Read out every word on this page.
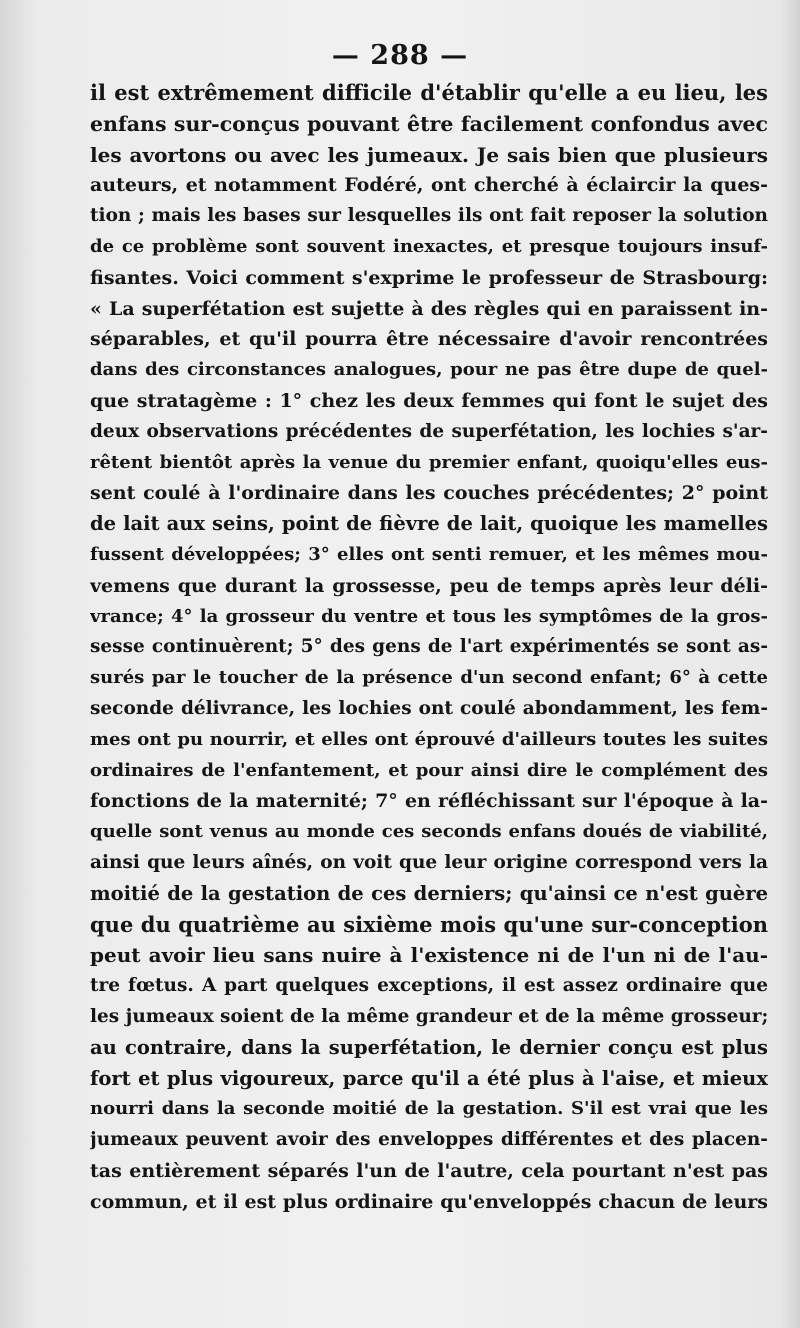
— 288 —
il est extrêmement difficile d'établir qu'elle a eu lieu, les
enfans sur-conçus pouvant être facilement confondus avec
les avortons ou avec les jumeaux. Je sais bien que plusieurs
auteurs, et notamment Fodéré, ont cherché à éclaircir la ques-
tion ; mais les bases sur lesquelles ils ont fait reposer la solution
de ce problème sont souvent inexactes, et presque toujours insuf-
fisantes. Voici comment s'exprime le professeur de Strasbourg:
« La superfétation est sujette à des règles qui en paraissent in-
séparables, et qu'il pourra être nécessaire d'avoir rencontrées
dans des circonstances analogues, pour ne pas être dupe de quel-
que stratagème : 1° chez les deux femmes qui font le sujet des
deux observations précédentes de superfétation, les lochies s'ar-
rêtent bientôt après la venue du premier enfant, quoiqu'elles eus-
sent coulé à l'ordinaire dans les couches précédentes; 2° point
de lait aux seins, point de fièvre de lait, quoique les mamelles
fussent développées; 3° elles ont senti remuer, et les mêmes mou-
vemens que durant la grossesse, peu de temps après leur déli-
vrance; 4° la grosseur du ventre et tous les symptômes de la gros-
sesse continuèrent; 5° des gens de l'art expérimentés se sont as-
surés par le toucher de la présence d'un second enfant; 6° à cette
seconde délivrance, les lochies ont coulé abondamment, les fem-
mes ont pu nourrir, et elles ont éprouvé d'ailleurs toutes les suites
ordinaires de l'enfantement, et pour ainsi dire le complément des
fonctions de la maternité; 7° en réfléchissant sur l'époque à la-
quelle sont venus au monde ces seconds enfans doués de viabilité,
ainsi que leurs aînés, on voit que leur origine correspond vers la
moitié de la gestation de ces derniers; qu'ainsi ce n'est guère
que du quatrième au sixième mois qu'une sur-conception
peut avoir lieu sans nuire à l'existence ni de l'un ni de l'au-
tre fœtus. A part quelques exceptions, il est assez ordinaire que
les jumeaux soient de la même grandeur et de la même grosseur;
au contraire, dans la superfétation, le dernier conçu est plus
fort et plus vigoureux, parce qu'il a été plus à l'aise, et mieux
nourri dans la seconde moitié de la gestation. S'il est vrai que les
jumeaux peuvent avoir des enveloppes différentes et des placen-
tas entièrement séparés l'un de l'autre, cela pourtant n'est pas
commun, et il est plus ordinaire qu'enveloppés chacun de leurs
